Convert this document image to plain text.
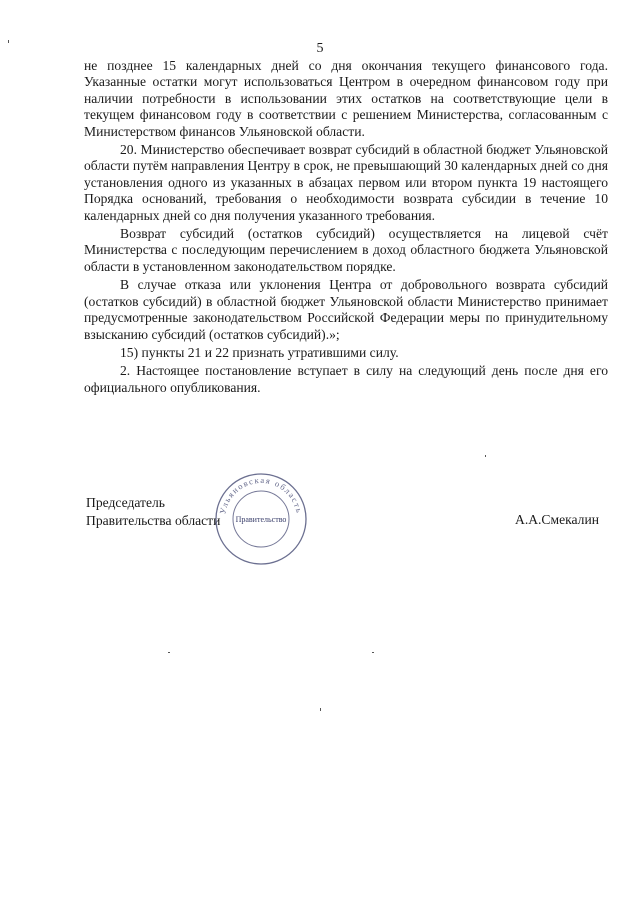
5

не позднее 15 календарных дней со дня окончания текущего финансового года. Указанные остатки могут использоваться Центром в очередном финансовом году при наличии потребности в использовании этих остатков на соответствующие цели в текущем финансовом году в соответствии с решением Министерства, согласованным с Министерством финансов Ульяновской области.

20. Министерство обеспечивает возврат субсидий в областной бюджет Ульяновской области путём направления Центру в срок, не превышающий 30 календарных дней со дня установления одного из указанных в абзацах первом или втором пункта 19 настоящего Порядка оснований, требования о необходимости возврата субсидии в течение 10 календарных дней со дня получения указанного требования.

Возврат субсидий (остатков субсидий) осуществляется на лицевой счёт Министерства с последующим перечислением в доход областного бюджета Ульяновской области в установленном законодательством порядке.

В случае отказа или уклонения Центра от добровольного возврата субсидий (остатков субсидий) в областной бюджет Ульяновской области Министерство принимает предусмотренные законодательством Российской Федерации меры по принудительному взысканию субсидий (остатков субсидий).»;

15) пункты 21 и 22 признать утратившими силу.

2. Настоящее постановление вступает в силу на следующий день после дня его официального опубликования.

Председатель
Правительства области
Ульяновская область
Правительство	А.А.Смекалин
